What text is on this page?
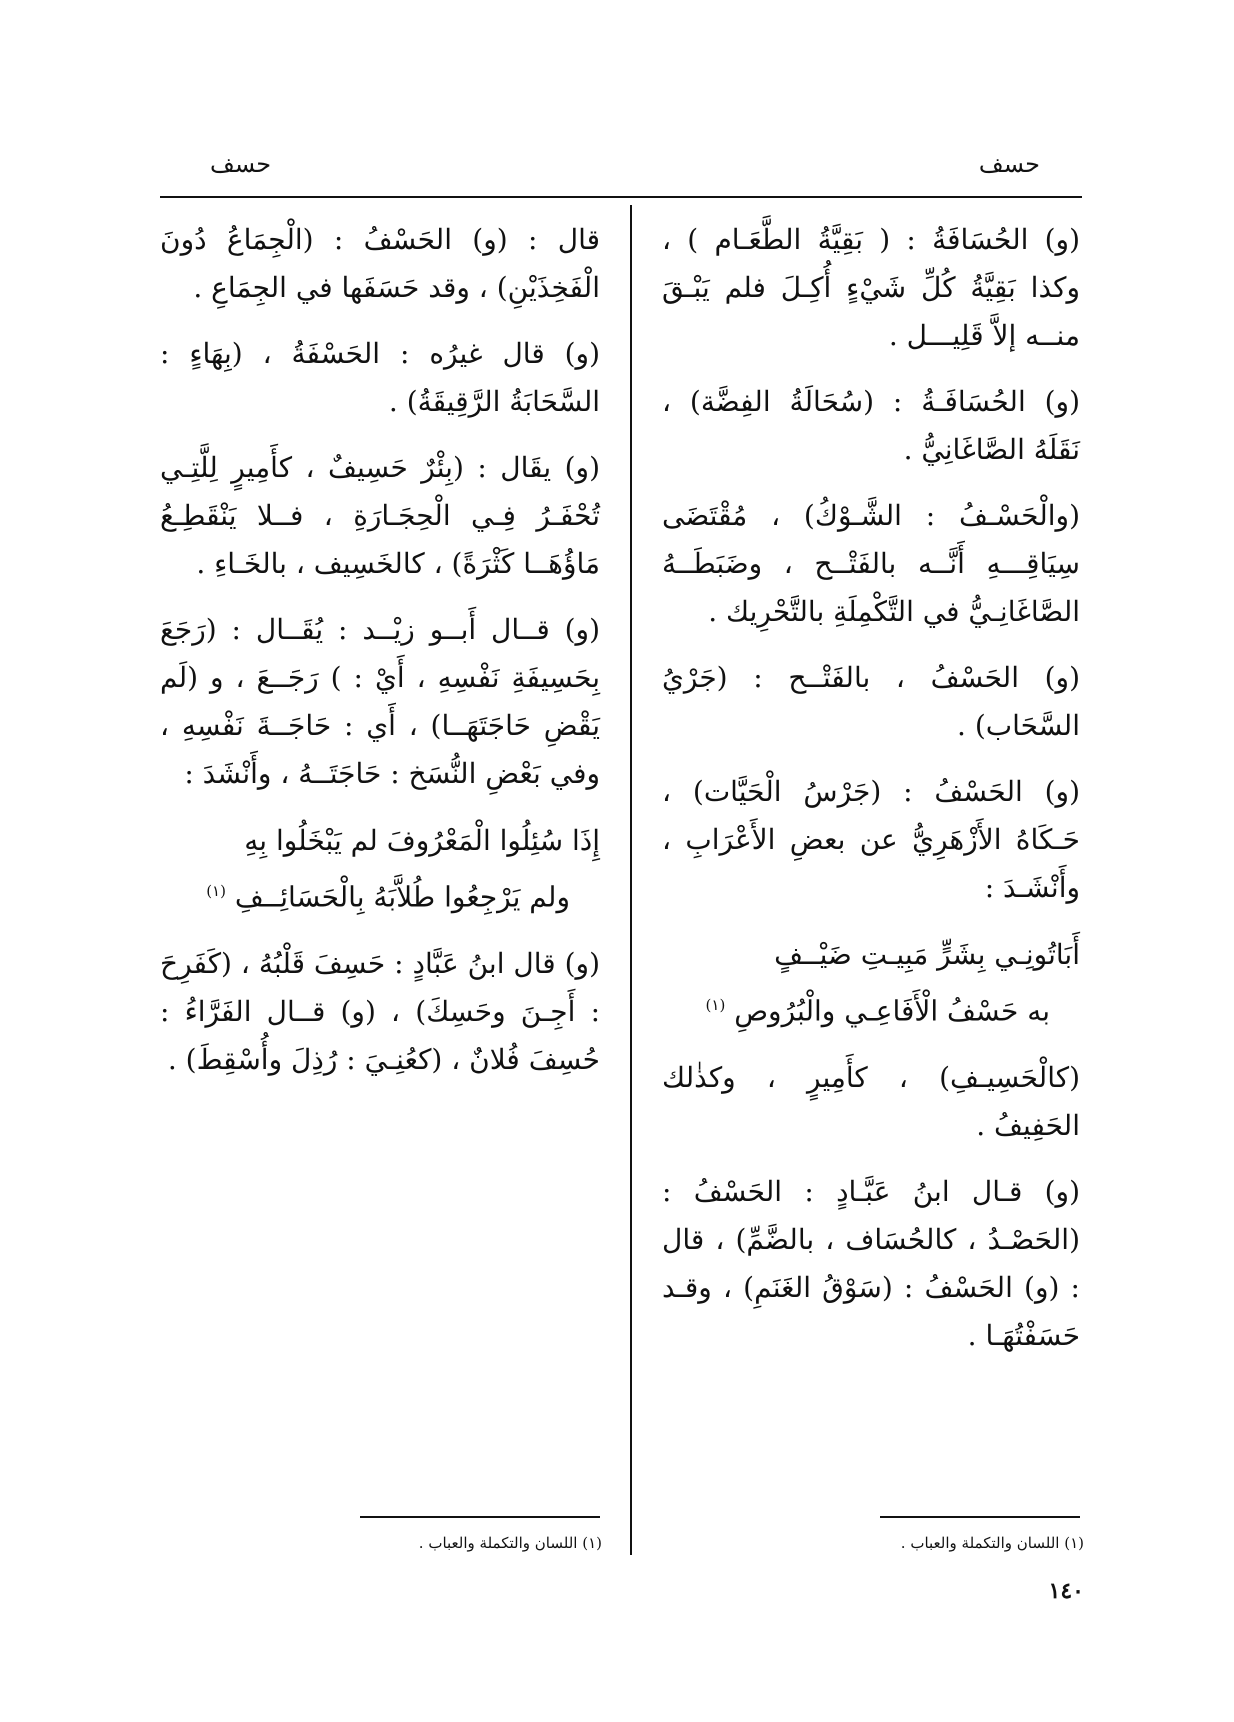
حسف
حسف

(و) الحُسَافَةُ : ( بَقِيَّةُ الطَّعَـام ) ، وكذا بَقِيَّةُ كُلِّ شَيْءٍ أُكِـلَ فلم يَبْـقَ منــه إلاَّ قَلِيـــل .

(و) الحُسَافَـةُ : (سُحَالَةُ الفِضَّة) ، نَقَلَهُ الصَّاغَانِيُّ .

(والْحَسْـفُ : الشَّـوْكُ) ، مُقْتَضَى سِيَاقِـــهِ أَنَّــه بالفَتْــح ، وضَبَطَــهُ الصَّاغَانِـيُّ في التَّكْمِلَةِ بالتَّحْرِيك .

(و) الحَسْفُ ، بالفَتْــح : (جَرْيُ السَّحَاب) .

(و) الحَسْفُ : (جَرْسُ الْحَيَّات) ، حَـكَاهُ الأَزْهَرِيُّ عن بعضِ الأَعْرَابِ ، وأَنْشَـدَ :

أَبَاتُونِـي بِشَرٍّ مَبِيـتِ ضَيْــفٍ
به حَسْفُ الْأَفَاعِـي والْبُرُوصِ $^{(١)}$

(كالْحَسِيـفِ) ، كأَمِيرٍ ، وكذٰلك الحَفِيفُ .

(و) قـال ابنُ عَبَّـادٍ : الحَسْفُ : (الحَصْـدُ ، كالحُسَاف ، بالضَّمِّ) ، قال : (و) الحَسْفُ : (سَوْقُ الغَنَمِ) ، وقـد حَسَفْتُهَـا .

قال : (و) الحَسْفُ : (الْجِمَاعُ دُونَ الْفَخِذَيْنِ) ، وقد حَسَفَها في الجِمَاعِ .

(و) قال غيرُه : الحَسْفَةُ ، (بِهَاءٍ : السَّحَابَةُ الرَّقِيقَةُ) .

(و) يقَال : (بِئْرٌ حَسِيفٌ ، كأَمِيرٍ لِلَّتِـي تُحْفَـرُ فِـي الْحِجَـارَةِ ، فــلا يَنْقَطِـعُ مَاؤُهَــا كَثْرَةً) ، كالخَسِيف ، بالخَـاءِ .

(و) قــال أَبــو زيْــد : يُقَــال : (رَجَعَ بِحَسِيفَةِ نَفْسِهِ ، أَيْ : ) رَجَــعَ ، و (لَم يَقْضِ حَاجَتَهَــا) ، أَي : حَاجَــةَ نَفْسِهِ ، وفي بَعْضِ النُّسَخ : حَاجَتَــهُ ، وأَنْشَدَ :

إِذَا سُئِلُوا الْمَعْرُوفَ لم يَبْخَلُوا بِهِ
ولم يَرْجِعُوا طُلاَّبَهُ بِالْحَسَائِــفِ $^{(١)}$

(و) قال ابنُ عَبَّادٍ : حَسِفَ قَلْبُهُ ، (كَفَرِحَ : أَجِـنَ وحَسِكَ) ، (و) قــال الفَرَّاءُ : حُسِفَ فُلانٌ ، (كعُنِـيَ : رُذِلَ وأُسْقِطَ) .

(١) اللسان والتكملة والعباب .
(١) اللسان والتكملة والعباب .
١٤٠
